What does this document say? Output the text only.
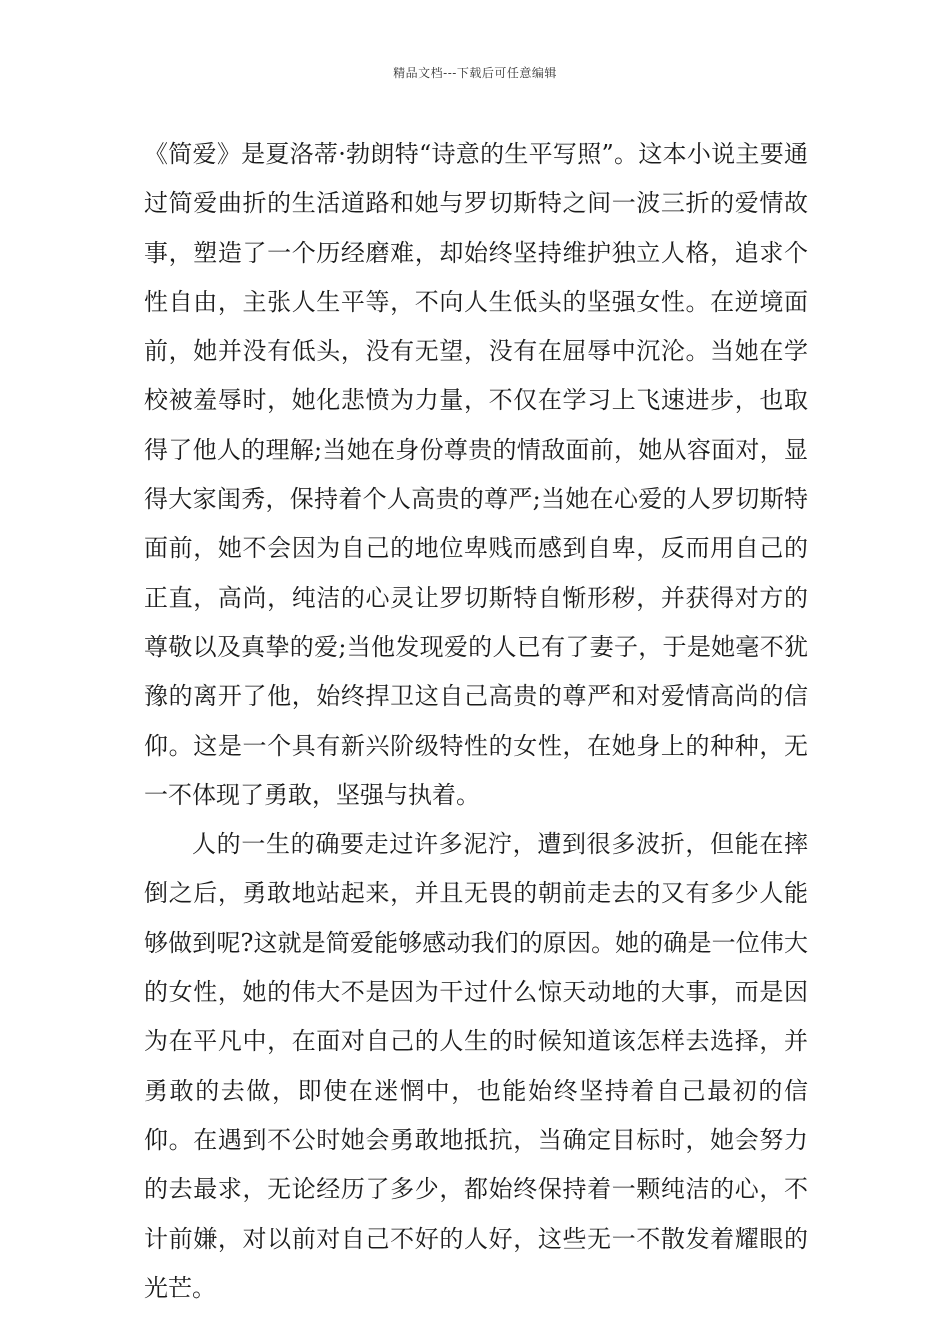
精品文档---下载后可任意编辑

《简爱》是夏洛蒂·勃朗特“诗意的生平写照”。这本小说主要通过简爱曲折的生活道路和她与罗切斯特之间一波三折的爱情故事，塑造了一个历经磨难，却始终坚持维护独立人格，追求个性自由，主张人生平等，不向人生低头的坚强女性。在逆境面前，她并没有低头，没有无望，没有在屈辱中沉沦。当她在学校被羞辱时，她化悲愤为力量，不仅在学习上飞速进步，也取得了他人的理解;当她在身份尊贵的情敌面前，她从容面对，显得大家闺秀，保持着个人高贵的尊严;当她在心爱的人罗切斯特面前，她不会因为自己的地位卑贱而感到自卑，反而用自己的正直，高尚，纯洁的心灵让罗切斯特自惭形秽，并获得对方的尊敬以及真挚的爱;当他发现爱的人已有了妻子，于是她毫不犹豫的离开了他，始终捍卫这自己高贵的尊严和对爱情高尚的信仰。这是一个具有新兴阶级特性的女性，在她身上的种种，无一不体现了勇敢，坚强与执着。

人的一生的确要走过许多泥泞，遭到很多波折，但能在摔倒之后，勇敢地站起来，并且无畏的朝前走去的又有多少人能够做到呢?这就是简爱能够感动我们的原因。她的确是一位伟大的女性，她的伟大不是因为干过什么惊天动地的大事，而是因为在平凡中，在面对自己的人生的时候知道该怎样去选择，并勇敢的去做，即使在迷惘中，也能始终坚持着自己最初的信仰。在遇到不公时她会勇敢地抵抗，当确定目标时，她会努力的去最求，无论经历了多少，都始终保持着一颗纯洁的心，不计前嫌，对以前对自己不好的人好，这些无一不散发着耀眼的光芒。
